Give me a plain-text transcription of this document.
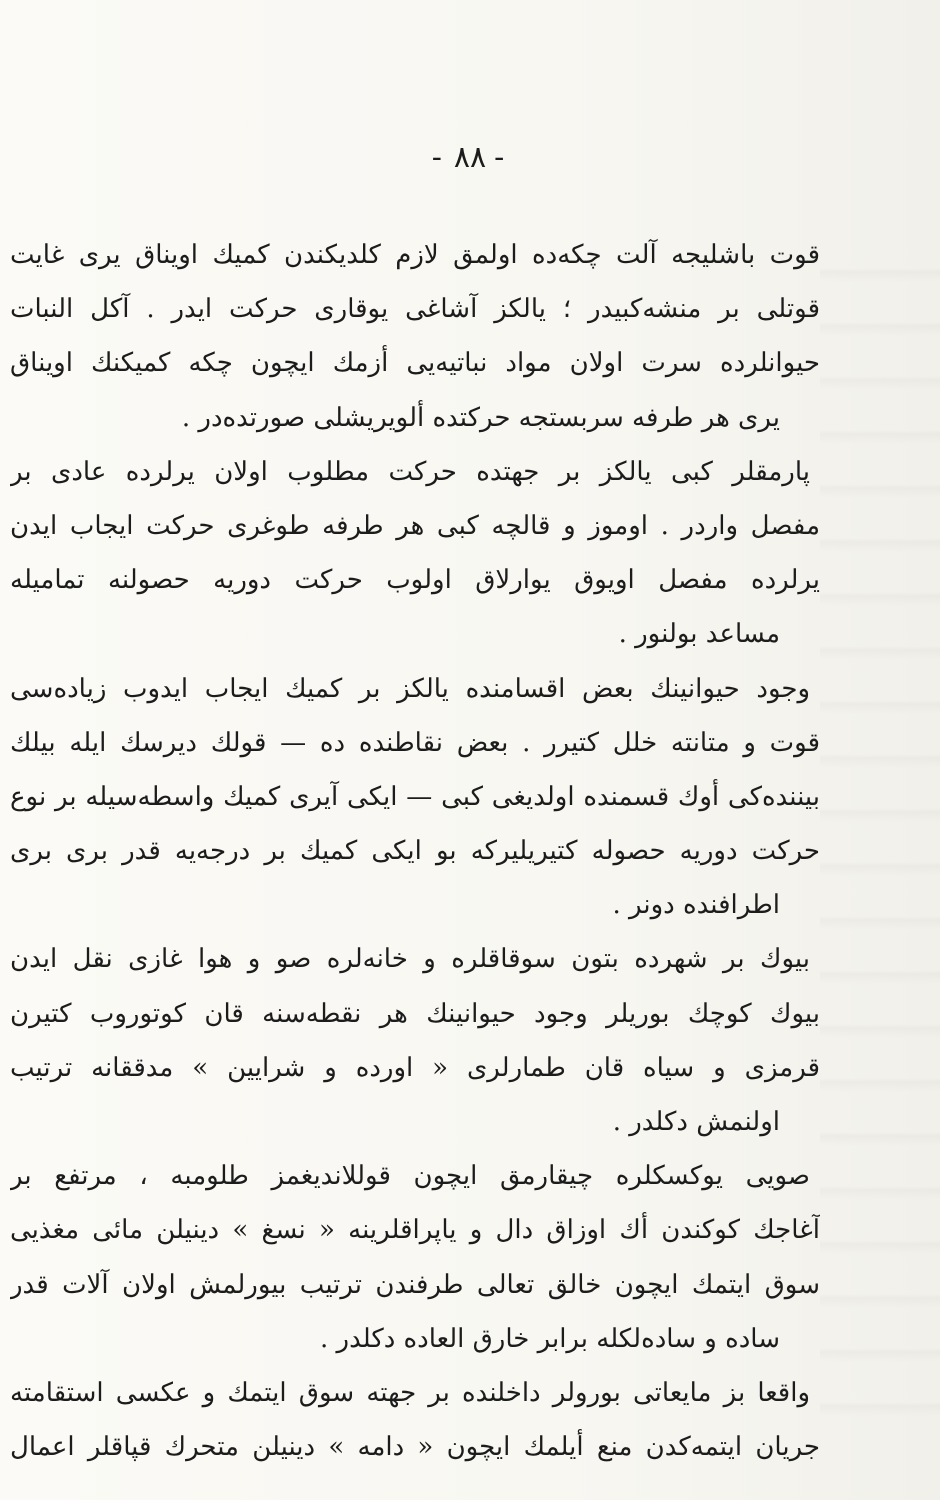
-٨٨-
قوت باشليجه آلت چكه‌ده اولمق لازم كلديكندن كميك اويناق يرى غايت
قوتلى بر منشه‌كبيدر ؛ يالكز آشاغى يوقارى حركت ايدر . آكل النبات
حيوانلرده سرت اولان مواد نباتيه‌يى أزمك ايچون چكه كميكنك اويناق
يرى هر طرفه سربستجه حركتده ألويريشلى صورتده‌در .
پارمقلر كبى يالكز بر جهتده حركت مطلوب اولان يرلرده عادى بر
مفصل واردر . اوموز و قالچه كبى هر طرفه طوغرى حركت ايجاب ايدن
يرلرده مفصل اويوق يوارلاق اولوب حركت دوريه حصولنه تماميله
مساعد بولنور .
وجود حيوانينك بعض اقسامنده يالكز بر كميك ايجاب ايدوب زياده‌سى
قوت و متانته خلل كتيرر . بعض نقاطنده ده — قولك ديرسك ايله بيلك
بيننده‌كى أوك قسمنده اولديغى كبى — ايكى آيرى كميك واسطه‌سيله بر نوع
حركت دوريه حصوله كتيريليركه بو ايكى كميك بر درجه‌يه قدر برى برى
اطرافنده دونر .
بيوك بر شهرده بتون سوقاقلره و خانه‌لره صو و هوا غازى نقل ايدن
بيوك كوچك بوريلر وجود حيوانينك هر نقطه‌سنه قان كوتوروب كتيرن
قرمزى و سياه قان طمارلرى « اورده و شرايين » مدققانه ترتيب
اولنمش دكلدر .
صويى يوكسكلره چيقارمق ايچون قوللانديغمز طلومبه ، مرتفع بر
آغاجك كوكندن أك اوزاق دال و ياپراقلرينه « نسغ » دينيلن مائى مغذيى
سوق ايتمك ايچون خالق تعالى طرفندن ترتيب بيورلمش اولان آلات قدر
ساده و ساده‌لكله برابر خارق العاده دكلدر .
واقعا بز مايعاتى بورولر داخلنده بر جهته سوق ايتمك و عكسى استقامته
جريان ايتمه‌كدن منع أيلمك ايچون « دامه » دينيلن متحرك قپاقلر اعمال
